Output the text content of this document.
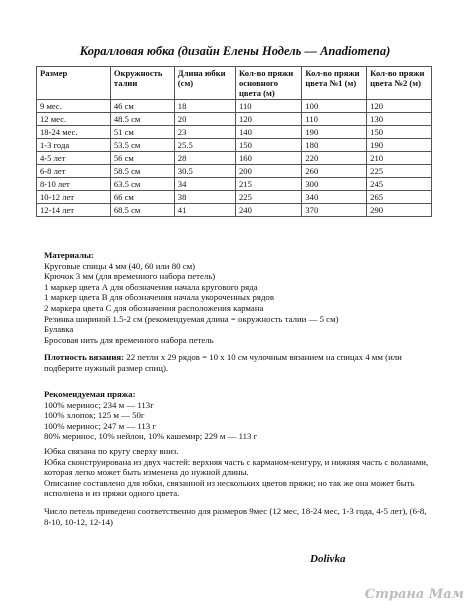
Коралловая юбка (дизайн Елены Нодель — Anadiomena)
Размер	Окружность талии	Длина юбки (см)	Кол-во пряжи основного цвета (м)	Кол-во пряжи цвета №1 (м)	Кол-во пряжи цвета №2 (м)
9 мес.	46 см	18	110	100	120
12 мес.	48.5 см	20	120	110	130
18-24 мес.	51 см	23	140	190	150
1-3 года	53.5 см	25.5	150	180	190
4-5 лет	56 см	28	160	220	210
6-8 лет	58.5 см	30.5	200	260	225
8-10 лет	63.5 см	34	215	300	245
10-12 лет	66 см	38	225	340	265
12-14 лет	68.5 см	41	240	370	290

Материалы:

Круговые спицы 4 мм (40, 60 или 80 см)

Крючок 3 мм (для временного набора петель)

1 маркер цвета А для обозначения начала кругового ряда

1 маркер цвета В для обозначения начала укороченных рядов

2 маркера цвета С для обозначения расположения кармана

Резинка шириной 1.5-2 см (рекомендуемая длина = окружность талии — 5 см)

Булавка

Бросовая нить для временного набора петель

Плотность вязания: 22 петли х 29 рядов = 10 х 10 см чулочным вязанием на спицах 4 мм (или подберите нужный размер спиц).

Рекомендуемая пряжа:

100% меринос; 234 м — 113г

100% хлопок; 125 м — 50г

100% меринос; 247 м — 113 г

80% меринос, 10% нейлон, 10% кашемир; 229 м — 113 г

Юбка связана по кругу сверху вниз.

Юбка сконструирована из двух частей: верхняя часть с карманом-кенгуру, и нижняя часть с воланами, которая легко может быть изменена до нужной длины.

Описание составлено для юбки, связанной из нескольких цветов пряжи; но так же она может быть исполнена и из пряжи одного цвета.

Число петель приведено соответственно для размеров 9мес (12 мес, 18-24 мес, 1-3 года, 4-5 лет), (6-8, 8-10, 10-12, 12-14)

Dolivka
Страна Мам
